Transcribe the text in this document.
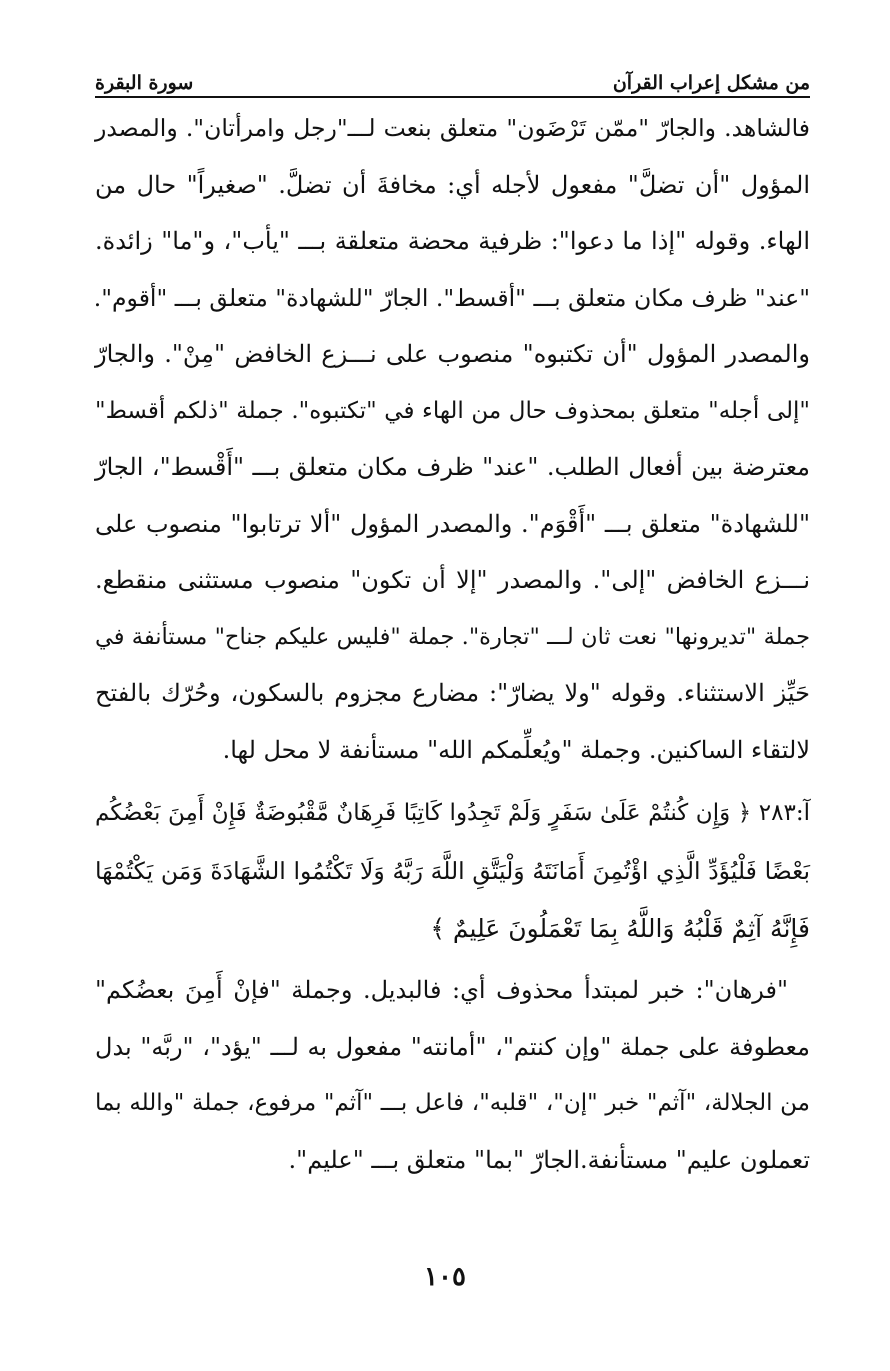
من مشكل إعراب القرآن
سورة البقرة
فالشاهد. والجارّ "ممّن تَرْضَون" متعلق بنعت لـــ"رجل وامرأتان". والمصدر
المؤول "أن تضلَّ" مفعول لأجله أي: مخافةَ أن تضلَّ. "صغيراً" حال من
الهاء. وقوله "إذا ما دعوا": ظرفية محضة متعلقة بـــ "يأب"، و"ما" زائدة.
"عند" ظرف مكان متعلق بـــ "أقسط". الجارّ "للشهادة" متعلق بـــ "أقوم".
والمصدر المؤول "أن تكتبوه" منصوب على نـــزع الخافض "مِنْ". والجارّ
"إلى أجله" متعلق بمحذوف حال من الهاء في "تكتبوه". جملة "ذلكم أقسط"
معترضة بين أفعال الطلب. "عند" ظرف مكان متعلق بـــ "أَقْسط"، الجارّ
"للشهادة" متعلق بـــ "أَقْوَم". والمصدر المؤول "ألا ترتابوا" منصوب على
نـــزع الخافض "إلى". والمصدر "إلا أن تكون" منصوب مستثنى منقطع.
جملة "تديرونها" نعت ثان لـــ "تجارة". جملة "فليس عليكم جناح" مستأنفة في
حَيِّز الاستثناء. وقوله "ولا يضارّ": مضارع مجزوم بالسكون، وحُرّك بالفتح
لالتقاء الساكنين. وجملة "ويُعلِّمكم الله" مستأنفة لا محل لها.
آ:٢٨٣ ﴿ وَإِن كُنتُمْ عَلَىٰ سَفَرٍ وَلَمْ تَجِدُوا كَاتِبًا فَرِهَانٌ مَّقْبُوضَةٌ فَإِنْ أَمِنَ بَعْضُكُم
بَعْضًا فَلْيُؤَدِّ الَّذِي اؤْتُمِنَ أَمَانَتَهُ وَلْيَتَّقِ اللَّهَ رَبَّهُ وَلَا تَكْتُمُوا الشَّهَادَةَ وَمَن يَكْتُمْهَا
فَإِنَّهُ آثِمٌ قَلْبُهُ وَاللَّهُ بِمَا تَعْمَلُونَ عَلِيمٌ ﴾
"فرهان": خبر لمبتدأ محذوف أي: فالبديل. وجملة "فإنْ أَمِنَ بعضُكم"
معطوفة على جملة "وإن كنتم"، "أمانته" مفعول به لـــ "يؤد"، "ربَّه" بدل
من الجلالة، "آثم" خبر "إن"، "قلبه"، فاعل بـــ "آثم" مرفوع، جملة "والله بما
تعملون عليم" مستأنفة.الجارّ "بما" متعلق بـــ "عليم".
١٠٥
